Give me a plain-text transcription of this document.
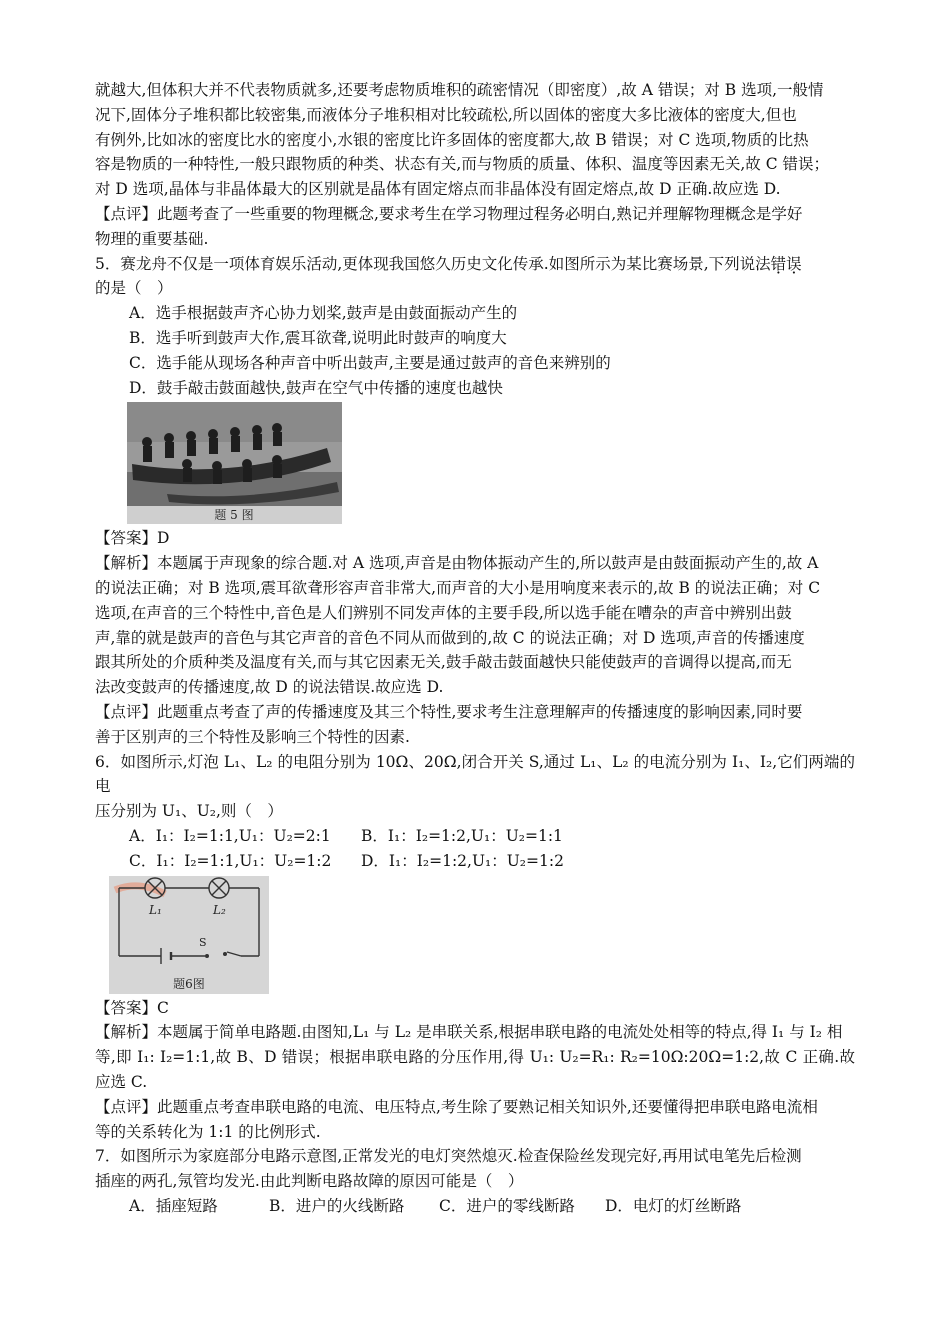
就越大,但体积大并不代表物质就多,还要考虑物质堆积的疏密情况（即密度）,故 A 错误；对 B 选项,一般情

况下,固体分子堆积都比较密集,而液体分子堆积相对比较疏松,所以固体的密度大多比液体的密度大,但也

有例外,比如冰的密度比水的密度小,水银的密度比许多固体的密度都大,故 B 错误；对 C 选项,物质的比热

容是物质的一种特性,一般只跟物质的种类、状态有关,而与物质的质量、体积、温度等因素无关,故 C 错误；

对 D 选项,晶体与非晶体最大的区别就是晶体有固定熔点而非晶体没有固定熔点,故 D 正确.故应选 D.

【点评】此题考查了一些重要的物理概念,要求考生在学习物理过程务必明白,熟记并理解物理概念是学好

物理的重要基础.

5．赛龙舟不仅是一项体育娱乐活动,更体现我国悠久历史文化传承.如图所示为某比赛场景,下列说法错误

的是（　）

A．选手根据鼓声齐心协力划桨,鼓声是由鼓面振动产生的

B．选手听到鼓声大作,震耳欲聋,说明此时鼓声的响度大

C．选手能从现场各种声音中听出鼓声,主要是通过鼓声的音色来辨别的

D．鼓手敲击鼓面越快,鼓声在空气中传播的速度也越快

题 5 图

【答案】D

【解析】本题属于声现象的综合题.对 A 选项,声音是由物体振动产生的,所以鼓声是由鼓面振动产生的,故 A

的说法正确；对 B 选项,震耳欲聋形容声音非常大,而声音的大小是用响度来表示的,故 B 的说法正确；对 C

选项,在声音的三个特性中,音色是人们辨别不同发声体的主要手段,所以选手能在嘈杂的声音中辨别出鼓

声,靠的就是鼓声的音色与其它声音的音色不同从而做到的,故 C 的说法正确；对 D 选项,声音的传播速度

跟其所处的介质种类及温度有关,而与其它因素无关,鼓手敲击鼓面越快只能使鼓声的音调得以提高,而无

法改变鼓声的传播速度,故 D 的说法错误.故应选 D.

【点评】此题重点考查了声的传播速度及其三个特性,要求考生注意理解声的传播速度的影响因素,同时要

善于区别声的三个特性及影响三个特性的因素.

6．如图所示,灯泡 L₁、L₂ 的电阻分别为 10Ω、20Ω,闭合开关 S,通过 L₁、L₂ 的电流分别为 I₁、I₂,它们两端的电

压分别为 U₁、U₂,则（　）

A．I₁：I₂=1:1,U₁：U₂=2:1	B．I₁：I₂=1:2,U₁：U₂=1:1

C．I₁：I₂=1:1,U₁：U₂=1:2	D．I₁：I₂=1:2,U₁：U₂=1:2

L₁	L₂
S
题6图

【答案】C

【解析】本题属于简单电路题.由图知,L₁ 与 L₂ 是串联关系,根据串联电路的电流处处相等的特点,得 I₁ 与 I₂ 相

等,即 I₁: I₂=1:1,故 B、D 错误；根据串联电路的分压作用,得 U₁: U₂=R₁: R₂=10Ω:20Ω=1:2,故 C 正确.故应选 C.

【点评】此题重点考查串联电路的电流、电压特点,考生除了要熟记相关知识外,还要懂得把串联电路电流相

等的关系转化为 1:1 的比例形式.

7．如图所示为家庭部分电路示意图,正常发光的电灯突然熄灭.检查保险丝发现完好,再用试电笔先后检测

插座的两孔,氖管均发光.由此判断电路故障的原因可能是（　）

A．插座短路	B．进户的火线断路	C．进户的零线断路	D．电灯的灯丝断路
